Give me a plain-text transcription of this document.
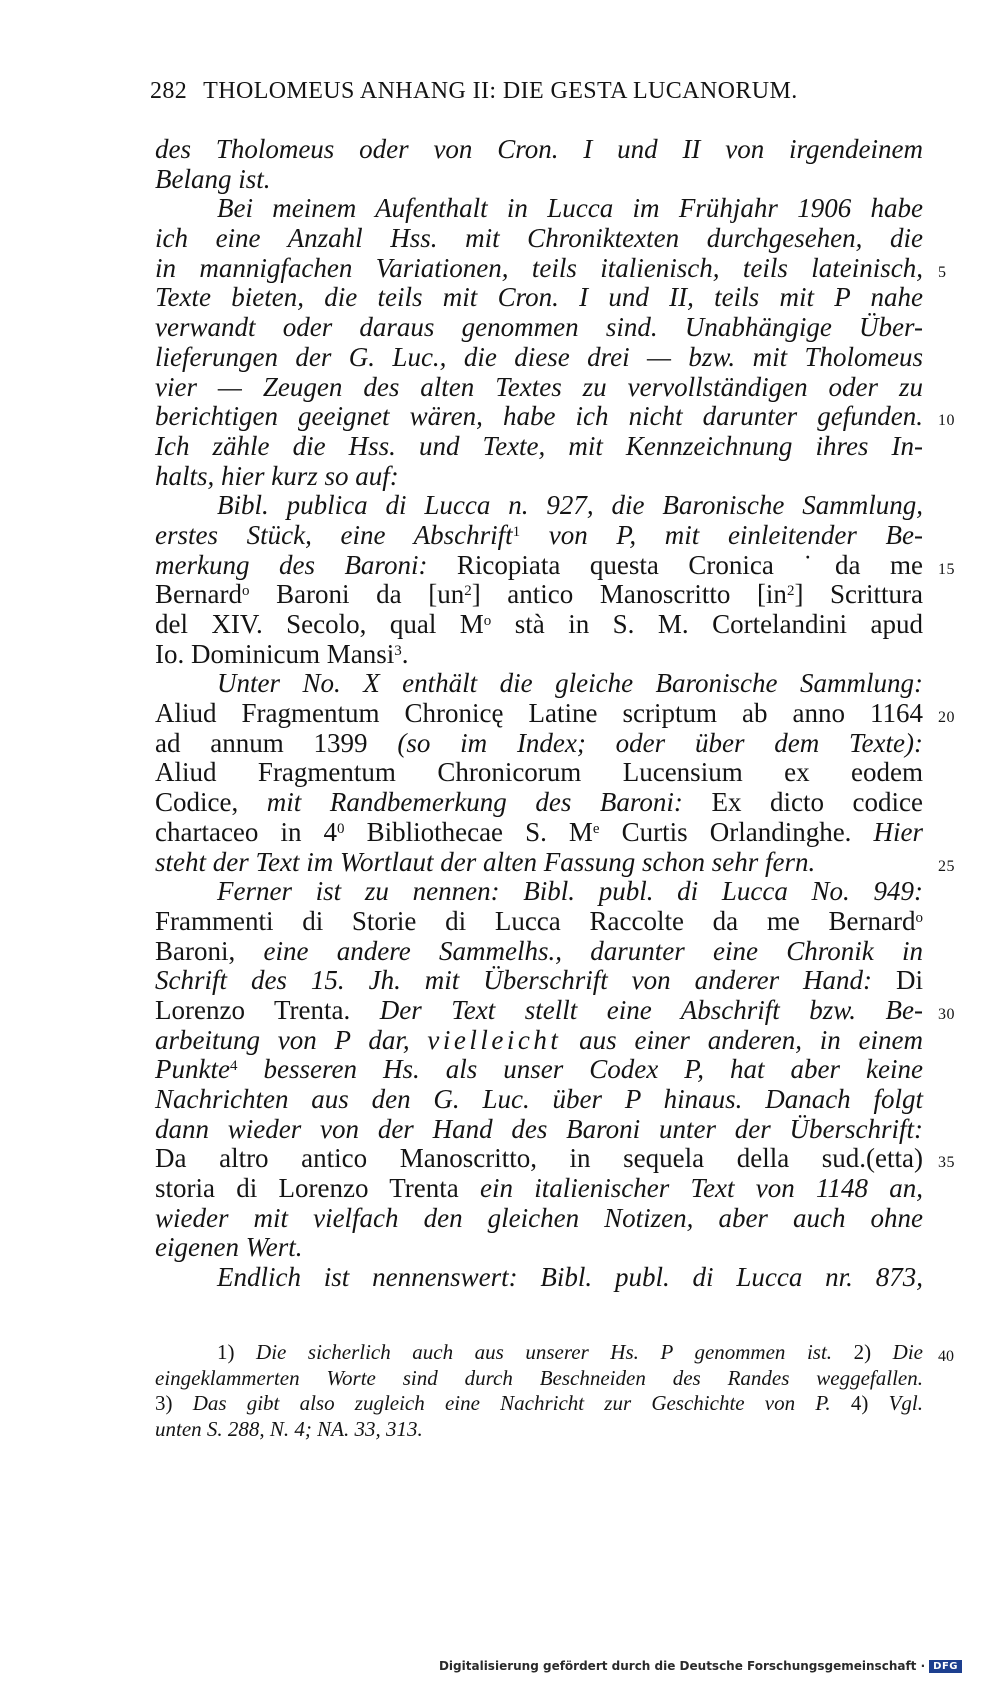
282 THOLOMEUS ANHANG II: DIE GESTA LUCANORUM.
des Tholomeus oder von Cron. I und II von irgendeinem
Belang ist.
Bei meinem Aufenthalt in Lucca im Frühjahr 1906 habe
ich eine Anzahl Hss. mit Chroniktexten durchgesehen, die
in mannigfachen Variationen, teils italienisch, teils lateinisch, 5
Texte bieten, die teils mit Cron. I und II, teils mit P nahe
verwandt oder daraus genommen sind. Unabhängige Über-
lieferungen der G. Luc., die diese drei — bzw. mit Tholomeus
vier — Zeugen des alten Textes zu vervollständigen oder zu
berichtigen geeignet wären, habe ich nicht darunter gefunden. 10
Ich zähle die Hss. und Texte, mit Kennzeichnung ihres In-
halts, hier kurz so auf:
Bibl. publica di Lucca n. 927, die Baronische Sammlung,
erstes Stück, eine Abschrift$^1$ von P, mit einleitender Be-
merkung des Baroni: Ricopiata questa Cronica ˙da me 15
Bernard$^o$ Baroni da $[un^2]$ antico Manoscritto $[in^2]$ Scrittura
del XIV. Secolo, qual $M^o$ stà in S. M. Cortelandini apud
Io. Dominicum Mansi$^3$.
Unter No. X enthält die gleiche Baronische Sammlung:
Aliud Fragmentum Chronicę Latine scriptum ab anno 1164 20
ad annum 1399 (so im Index; oder über dem Texte):
Aliud Fragmentum Chronicorum Lucensium ex eodem
Codice, mit Randbemerkung des Baroni: Ex dicto codice
chartaceo in $4^0$ Bibliothecae S. Me Curtis Orlandinghe. Hier
steht der Text im Wortlaut der alten Fassung schon sehr fern.	25
Ferner ist zu nennen: Bibl. publ. di Lucca No. 949:
Frammenti di Storie di Lucca Raccolte da me Bernard$^o$
Baroni, eine andere Sammelhs., darunter eine Chronik in
Schrift des 15. Jh. mit Überschrift von anderer Hand: Di
Lorenzo Trenta. Der Text stellt eine Abschrift bzw. Be- 30
arbeitung von P dar, vielleicht aus einer anderen, in einem
Punkte$^4$ besseren Hs. als unser Codex P, hat aber keine
Nachrichten aus den G. Luc. über P hinaus. Danach folgt
dann wieder von der Hand des Baroni unter der Überschrift:
Da altro antico Manoscritto, in sequela della sud.(etta) 35
storia di Lorenzo Trenta ein italienischer Text von 1148 an,
wieder mit vielfach den gleichen Notizen, aber auch ohne
eigenen Wert.
Endlich ist nennenswert: Bibl. publ. di Lucca nr. 873,
1) Die sicherlich auch aus unserer Hs. P genommen ist. 2) Die 40
eingeklammerten Worte sind durch Beschneiden des Randes weggefallen.
3) Das gibt also zugleich eine Nachricht zur Geschichte von P. 4) Vgl.
unten S. 288, N. 4; NA. 33, 313.
Digitalisierung gefördert durch die Deutsche Forschungsgemeinschaft · DFG
